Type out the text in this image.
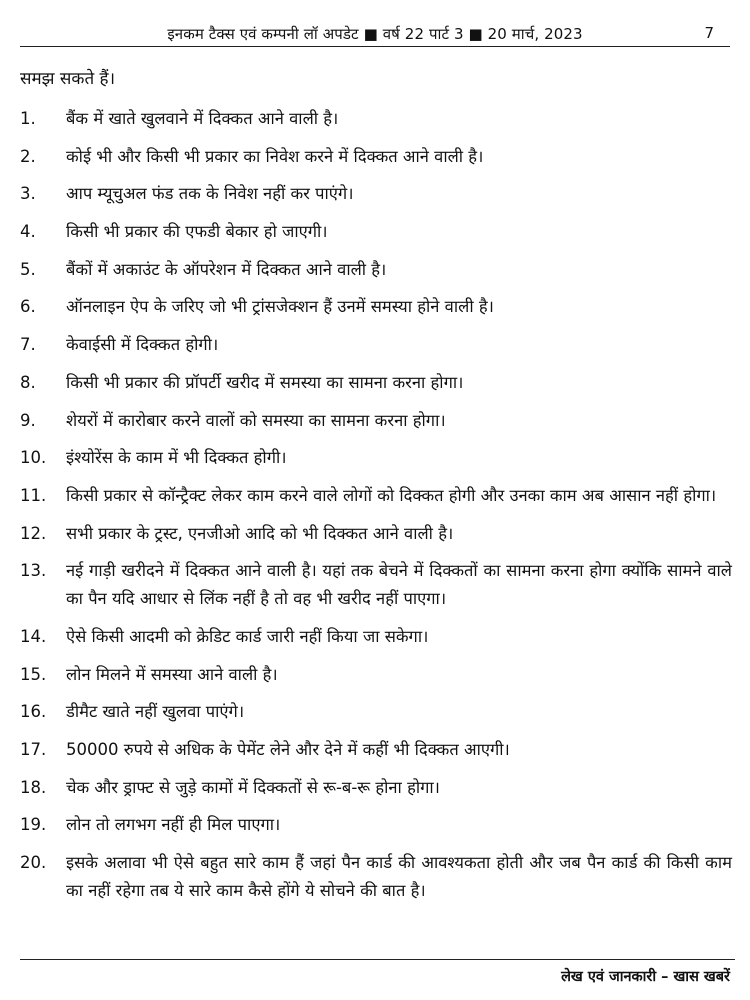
इनकम टैक्स एवं कम्पनी लॉ अपडेट ■ वर्ष 22 पार्ट 3 ■ 20 मार्च, 2023	7
समझ सकते हैं।
1.	बैंक में खाते खुलवाने में दिक्कत आने वाली है।
2.	कोई भी और किसी भी प्रकार का निवेश करने में दिक्कत आने वाली है।
3.	आप म्यूचुअल फंड तक के निवेश नहीं कर पाएंगे।
4.	किसी भी प्रकार की एफडी बेकार हो जाएगी।
5.	बैंकों में अकाउंट के ऑपरेशन में दिक्कत आने वाली है।
6.	ऑनलाइन ऐप के जरिए जो भी ट्रांसजेक्शन हैं उनमें समस्या होने वाली है।
7.	केवाईसी में दिक्कत होगी।
8.	किसी भी प्रकार की प्रॉपर्टी खरीद में समस्या का सामना करना होगा।
9.	शेयरों में कारोबार करने वालों को समस्या का सामना करना होगा।
10.	इंश्योरेंस के काम में भी दिक्कत होगी।
11.	किसी प्रकार से कॉन्ट्रैक्ट लेकर काम करने वाले लोगों को दिक्कत होगी और उनका काम अब आसान नहीं होगा।
12.	सभी प्रकार के ट्रस्ट, एनजीओ आदि को भी दिक्कत आने वाली है।
13.	नई गाड़ी खरीदने में दिक्कत आने वाली है। यहां तक बेचने में दिक्कतों का सामना करना होगा क्योंकि सामने वाले का पैन यदि आधार से लिंक नहीं है तो वह भी खरीद नहीं पाएगा।
14.	ऐसे किसी आदमी को क्रेडिट कार्ड जारी नहीं किया जा सकेगा।
15.	लोन मिलने में समस्या आने वाली है।
16.	डीमैट खाते नहीं खुलवा पाएंगे।
17.	50000 रुपये से अधिक के पेमेंट लेने और देने में कहीं भी दिक्कत आएगी।
18.	चेक और ड्राफ्ट से जुड़े कामों में दिक्कतों से रू-ब-रू होना होगा।
19.	लोन तो लगभग नहीं ही मिल पाएगा।
20.	इसके अलावा भी ऐसे बहुत सारे काम हैं जहां पैन कार्ड की आवश्यकता होती और जब पैन कार्ड की किसी काम का नहीं रहेगा तब ये सारे काम कैसे होंगे ये सोचने की बात है।
लेख एवं जानकारी – खास खबरें
